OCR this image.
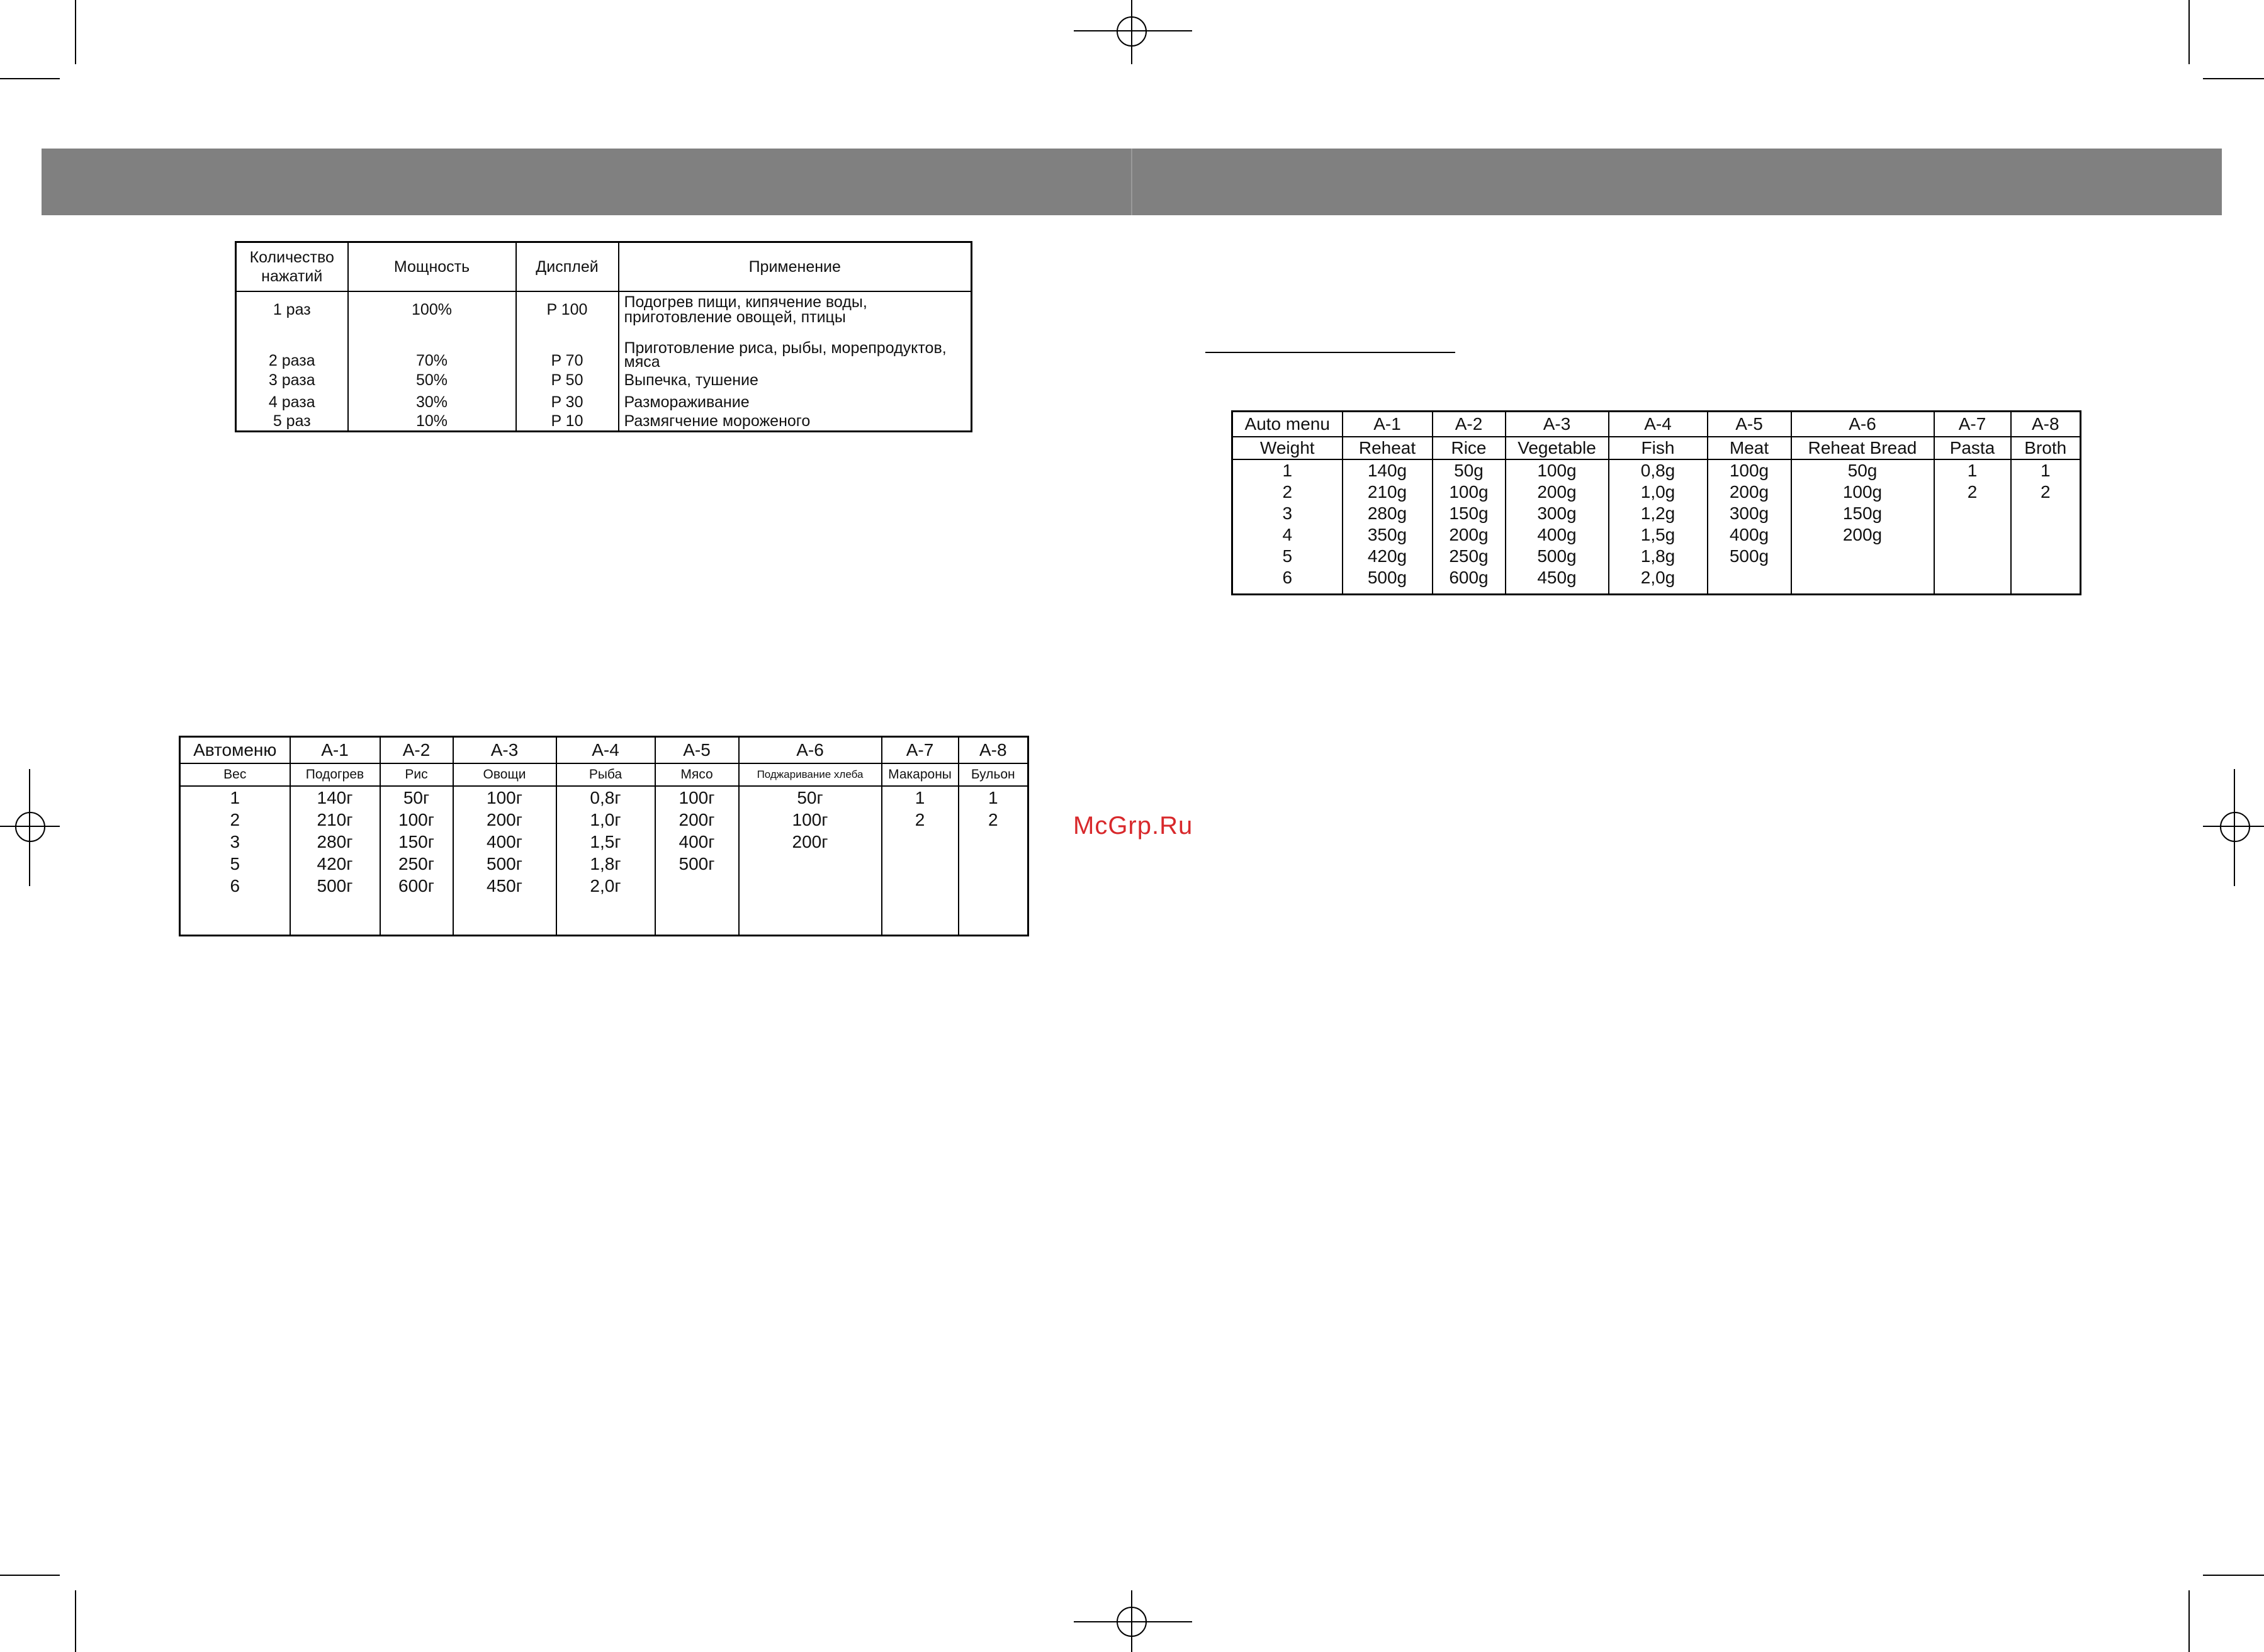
Количество
нажатий	Мощность	Дисплей	Применение
1 раз	100%	P 100	Подогрев пищи, кипячение воды,
приготовление овощей, птицы
2 раза	70%	P 70	Приготовление риса, рыбы, морепродуктов,
мяса
3 раза	50%	P 50	Выпечка, тушение
4 раза	30%	P 30	Размораживание
5 раз	10%	P 10	Размягчение мороженого
Автоменю	А-1	А-2	А-3	А-4	А-5	А-6	А-7	А-8
Вес	Подогрев	Рис	Овощи	Рыба	Мясо	Поджаривание хлеба	Макароны	Бульон
1	140г	50г	100г	0,8г	100г	50г	1	1
2	210г	100г	200г	1,0г	200г	100г	2	2
3	280г	150г	400г	1,5г	400г	200г		
5	420г	250г	500г	1,8г	500г			
6	500г	600г	450г	2,0г				

Auto menu	A-1	A-2	A-3	A-4	A-5	A-6	A-7	A-8
Weight	Reheat	Rice	Vegetable	Fish	Meat	Reheat Bread	Pasta	Broth
1	140g	50g	100g	0,8g	100g	50g	1	1
2	210g	100g	200g	1,0g	200g	100g	2	2
3	280g	150g	300g	1,2g	300g	150g		
4	350g	200g	400g	1,5g	400g	200g		
5	420g	250g	500g	1,8g	500g			
6	500g	600g	450g	2,0g				

McGrp.Ru
